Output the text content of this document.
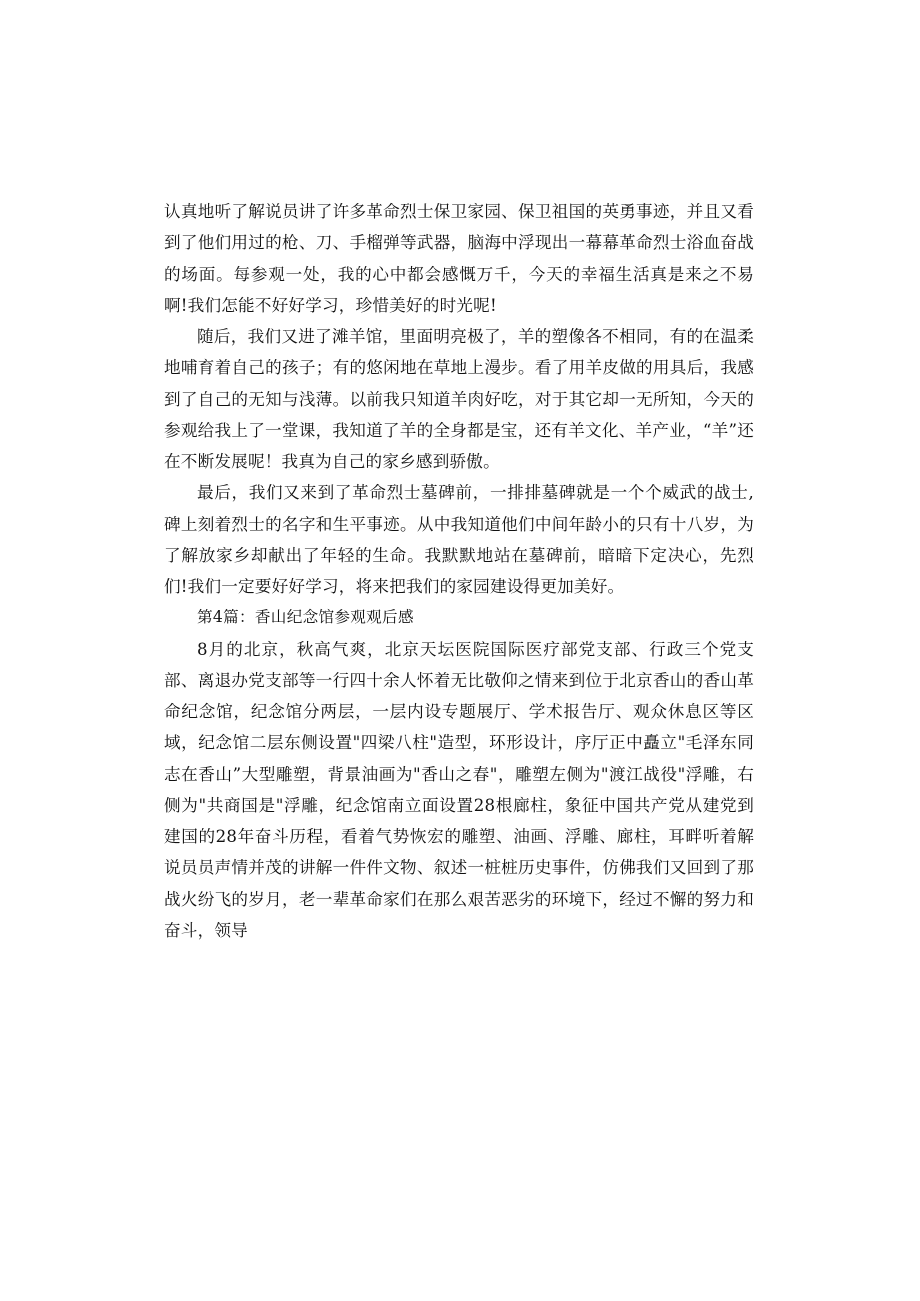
认真地听了解说员讲了许多革命烈士保卫家园、保卫祖国的英勇事迹，并且又看到了他们用过的枪、刀、手榴弹等武器，脑海中浮现出一幕幕革命烈士浴血奋战的场面。每参观一处，我的心中都会感慨万千，今天的幸福生活真是来之不易啊!我们怎能不好好学习，珍惜美好的时光呢!

随后，我们又进了滩羊馆，里面明亮极了，羊的塑像各不相同，有的在温柔地哺育着自己的孩子；有的悠闲地在草地上漫步。看了用羊皮做的用具后，我感到了自己的无知与浅薄。以前我只知道羊肉好吃，对于其它却一无所知，今天的参观给我上了一堂课，我知道了羊的全身都是宝，还有羊文化、羊产业，“羊”还在不断发展呢！我真为自己的家乡感到骄傲。

最后，我们又来到了革命烈士墓碑前，一排排墓碑就是一个个威武的战士,碑上刻着烈士的名字和生平事迹。从中我知道他们中间年龄小的只有十八岁，为了解放家乡却献出了年轻的生命。我默默地站在墓碑前，暗暗下定决心，先烈们!我们一定要好好学习，将来把我们的家园建设得更加美好。

第4篇：香山纪念馆参观观后感

8月的北京，秋高气爽，北京天坛医院国际医疗部党支部、行政三个党支部、离退办党支部等一行四十余人怀着无比敬仰之情来到位于北京香山的香山革命纪念馆，纪念馆分两层，一层内设专题展厅、学术报告厅、观众休息区等区域，纪念馆二层东侧设置"四梁八柱"造型，环形设计，序厅正中矗立"毛泽东同志在香山”大型雕塑，背景油画为"香山之春"，雕塑左侧为"渡江战役"浮雕，右侧为"共商国是"浮雕，纪念馆南立面设置28根廊柱，象征中国共产党从建党到建国的28年奋斗历程，看着气势恢宏的雕塑、油画、浮雕、廊柱，耳畔听着解说员员声情并茂的讲解一件件文物、叙述一桩桩历史事件，仿佛我们又回到了那战火纷飞的岁月，老一辈革命家们在那么艰苦恶劣的环境下，经过不懈的努力和奋斗，领导
